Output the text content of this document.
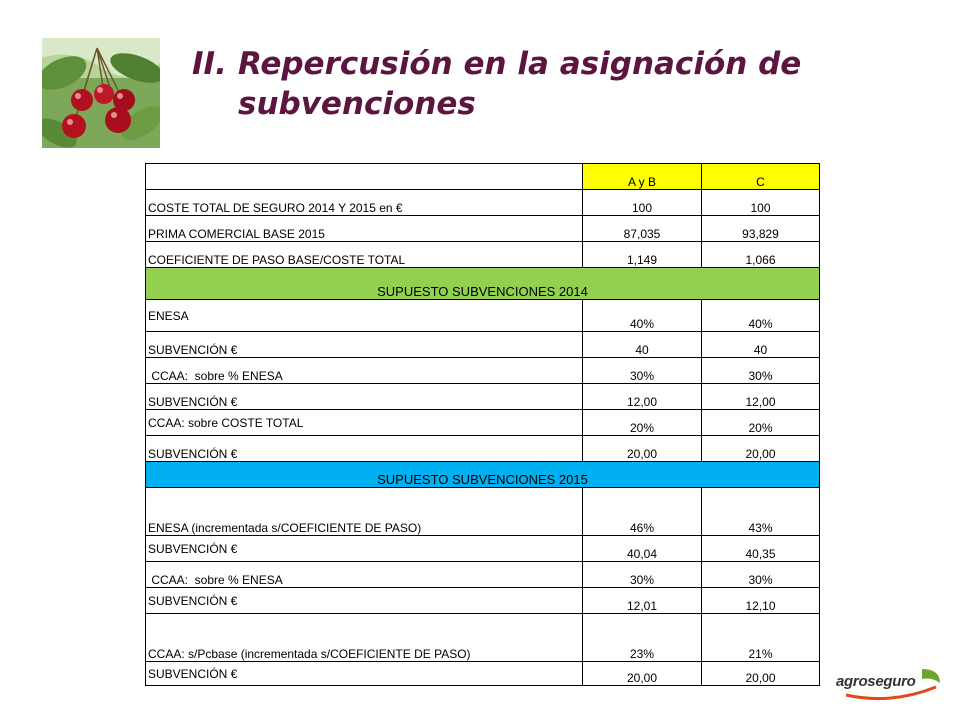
II. Repercusión en la asignación de
subvenciones
	A y B	C
COSTE TOTAL DE SEGURO 2014 Y 2015 en €	100	100
PRIMA COMERCIAL BASE 2015	87,035	93,829
COEFICIENTE DE PASO BASE/COSTE TOTAL	1,149	1,066
SUPUESTO SUBVENCIONES 2014		
ENESA	40%	40%
SUBVENCIÓN €	40	40
CCAA:  sobre % ENESA	30%	30%
SUBVENCIÓN €	12,00	12,00
CCAA: sobre COSTE TOTAL	20%	20%
SUBVENCIÓN €	20,00	20,00
SUPUESTO SUBVENCIONES 2015		
ENESA (incrementada s/COEFICIENTE DE PASO)	46%	43%
SUBVENCIÓN €	40,04	40,35
CCAA:  sobre % ENESA	30%	30%
SUBVENCIÓN €	12,01	12,10
CCAA: s/Pcbase (incrementada s/COEFICIENTE DE PASO)	23%	21%
SUBVENCIÓN €	20,00	20,00	agroseguro
